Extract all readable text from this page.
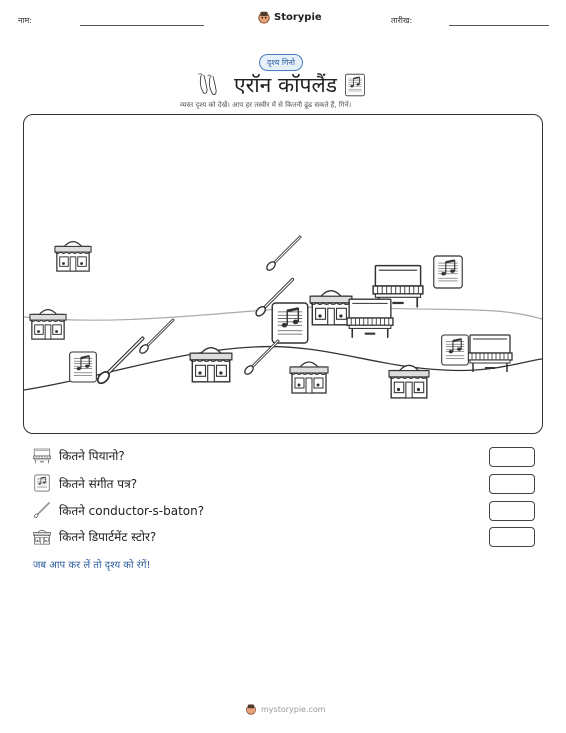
नाम:	Storypie	तारीख:
दृश्य गिनो
एरॉन कॉपलैंड
व्यस्त दृश्य को देखें। आप हर तस्वीर में से कितनी ढूंढ सकते हैं, गिनें।
कितने पियानो?
कितने संगीत पत्र?
कितने conductor-s-baton?
कितने डिपार्टमेंट स्टोर?
जब आप कर लें तो दृश्य को रंगें!
mystorypie.com
